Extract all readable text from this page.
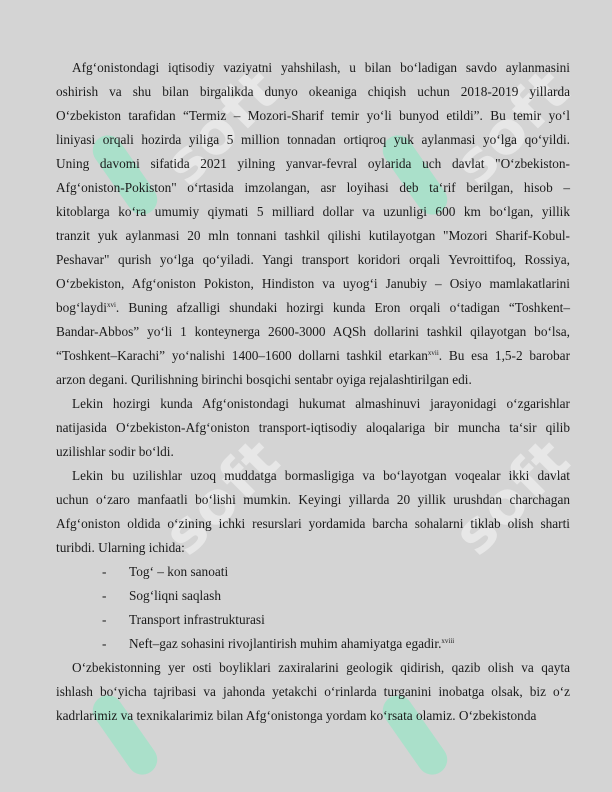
soft	soft
soft	soft
Afg‘onistondagi iqtisodiy vaziyatni yahshilash, u bilan bo‘ladigan savdo aylanmasini
oshirish va shu bilan birgalikda dunyo okeaniga chiqish uchun 2018-2019 yillarda
O‘zbekiston tarafidan “Termiz – Mozori-Sharif temir yo‘li bunyod etildi”. Bu temir yo‘l
liniyasi orqali hozirda yiliga 5 million tonnadan ortiqroq yuk aylanmasi yo‘lga qo‘yildi.
Uning davomi sifatida 2021 yilning yanvar-fevral oylarida uch davlat "O‘zbekiston-
Afg‘oniston-Pokiston" o‘rtasida imzolangan, asr loyihasi deb ta‘rif berilgan, hisob –
kitoblarga ko‘ra umumiy qiymati 5 milliard dollar va uzunligi 600 km bo‘lgan, yillik
tranzit yuk aylanmasi 20 mln tonnani tashkil qilishi kutilayotgan "Mozori Sharif-Kobul-
Peshavar" qurish yo‘lga qo‘yiladi. Yangi transport koridori orqali Yevroittifoq, Rossiya,
O‘zbekiston, Afg‘oniston Pokiston, Hindiston va uyog‘i Janubiy – Osiyo mamlakatlarini
bog‘laydi$^{xvi}$. Buning afzalligi shundaki hozirgi kunda Eron orqali o‘tadigan “Toshkent–
Bandar-Abbos” yo‘li 1 konteynerga 2600-3000 AQSh dollarini tashkil qilayotgan bo‘lsa,
“Toshkent–Karachi” yo‘nalishi 1400–1600 dollarni tashkil etarkan$^{xvii}$. Bu esa 1,5-2 barobar
arzon degani. Qurilishning birinchi bosqichi sentabr oyiga rejalashtirilgan edi.
Lekin hozirgi kunda Afg‘onistondagi hukumat almashinuvi jarayonidagi o‘zgarishlar
natijasida O‘zbekiston-Afg‘oniston transport-iqtisodiy aloqalariga bir muncha ta‘sir qilib
uzilishlar sodir bo‘ldi.
Lekin bu uzilishlar uzoq muddatga bormasligiga va bo‘layotgan voqealar ikki davlat
uchun o‘zaro manfaatli bo‘lishi mumkin. Keyingi yillarda 20 yillik urushdan charchagan
Afg‘oniston oldida o‘zining ichki resurslari yordamida barcha sohalarni tiklab olish sharti
turibdi. Ularning ichida:
- Tog‘ – kon sanoati
- Sog‘liqni saqlash
- Transport infrastrukturasi
- Neft–gaz sohasini rivojlantirish muhim ahamiyatga egadir.$^{xviii}$
O‘zbekistonning yer osti boyliklari zaxiralarini geologik qidirish, qazib olish va qayta
ishlash bo‘yicha tajribasi va jahonda yetakchi o‘rinlarda turganini inobatga olsak, biz o‘z
kadrlarimiz va texnikalarimiz bilan Afg‘onistonga yordam ko‘rsata olamiz. O‘zbekistonda
